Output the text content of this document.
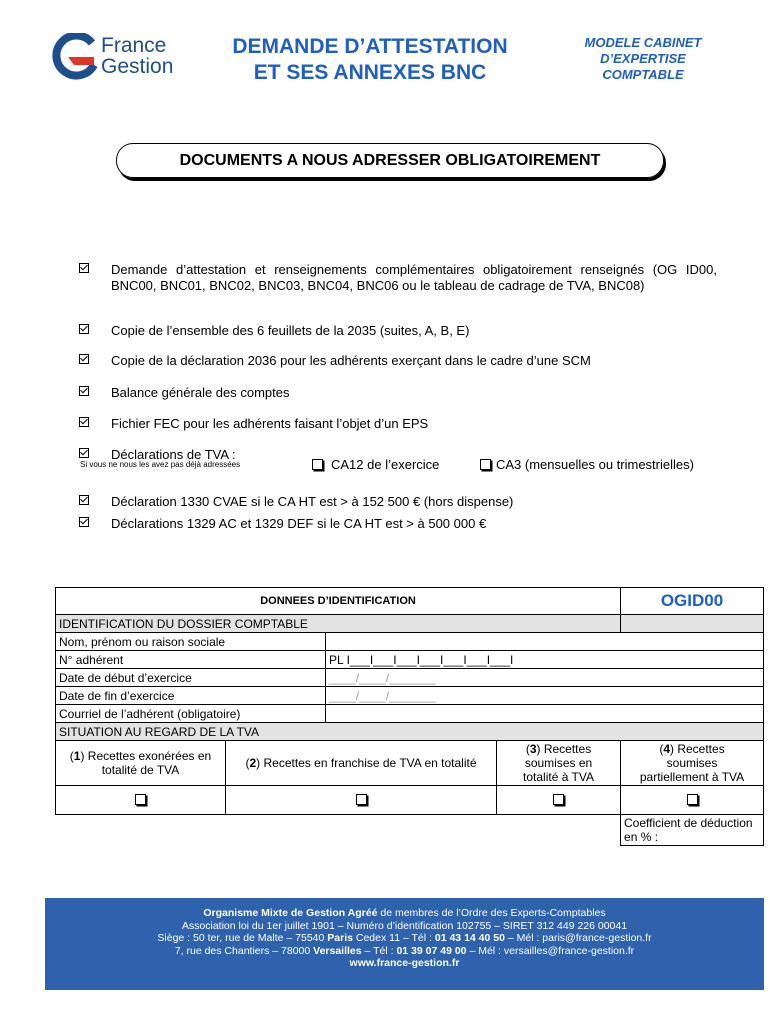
France
Gestion
DEMANDE D’ATTESTATION
ET SES ANNEXES BNC
MODELE CABINET
D’EXPERTISE
COMPTABLE
DOCUMENTS A NOUS ADRESSER OBLIGATOIREMENT
Demande d’attestation et renseignements complémentaires obligatoirement renseignés (OG ID00, BNC00, BNC01, BNC02, BNC03, BNC04, BNC06 ou le tableau de cadrage de TVA, BNC08)
Copie de l’ensemble des 6 feuillets de la 2035 (suites, A, B, E)
Copie de la déclaration 2036 pour les adhérents exerçant dans le cadre d’une SCM
Balance générale des comptes
Fichier FEC pour les adhérents faisant l’objet d’un EPS
Déclarations de TVA :
Si vous ne nous les avez pas déjà adressées	CA12 de l’exercice	CA3 (mensuelles ou trimestrielles)
Déclaration 1330 CVAE si le CA HT est > à 152 500 € (hors dispense)
Déclarations 1329 AC et 1329 DEF si le CA HT est > à 500 000 €
DONNEES D’IDENTIFICATION				OGID00
IDENTIFICATION DU DOSSIER COMPTABLE				
Nom, prénom ou raison sociale				
N° adhérent		PL I___I___I___I___I___I___I___I		
Date de début d’exercice		____/____/_______		
Date de fin d’exercice		____/____/_______		
Courriel de l’adhérent (obligatoire)				
SITUATION AU REGARD DE LA TVA				
(1) Recettes exonérées en totalité de TVA	(2) Recettes en franchise de TVA en totalité		(3) Recettes soumises en totalité à TVA	(4) Recettes soumises partiellement à TVA

				Coefficient de déduction en % :
Organisme Mixte de Gestion Agréé de membres de l’Ordre des Experts-Comptables
Association loi du 1er juillet 1901 – Numéro d’identification 102755 – SIRET 312 449 226 00041
Siège : 50 ter, rue de Malte – 75540 Paris Cedex 11 – Tél : 01 43 14 40 50 – Mél : paris@france-gestion.fr
7, rue des Chantiers – 78000 Versailles – Tél : 01 39 07 49 00 – Mél : versailles@france-gestion.fr
www.france-gestion.fr
